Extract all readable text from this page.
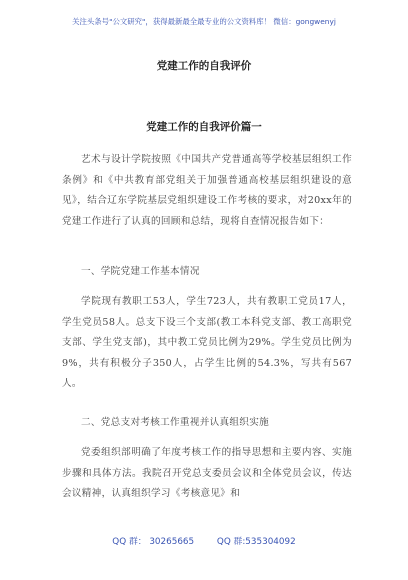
关注头条号"公文研究"，获得最新最全最专业的公文资料库！ 微信：gongwenyj
党建工作的自我评价
党建工作的自我评价篇一

艺术与设计学院按照《中国共产党普通高等学校基层组织工作条例》和《中共教育部党组关于加强普通高校基层组织建设的意见》，结合辽东学院基层党组织建设工作考核的要求，对20xx年的党建工作进行了认真的回顾和总结，现将自查情况报告如下：

一、学院党建工作基本情况

学院现有教职工53人，学生723人，共有教职工党员17人，学生党员58人。总支下设三个支部(教工本科党支部、教工高职党支部、学生党支部)，其中教工党员比例为29%。学生党员比例为9%，共有积极分子350人，占学生比例的54.3%，写共有567人。

二、党总支对考核工作重视并认真组织实施

党委组织部明确了年度考核工作的指导思想和主要内容、实施步骤和具体方法。我院召开党总支委员会议和全体党员会议，传达会议精神，认真组织学习《考核意见》和

QQ 群： 30265665	QQ 群:535304092
